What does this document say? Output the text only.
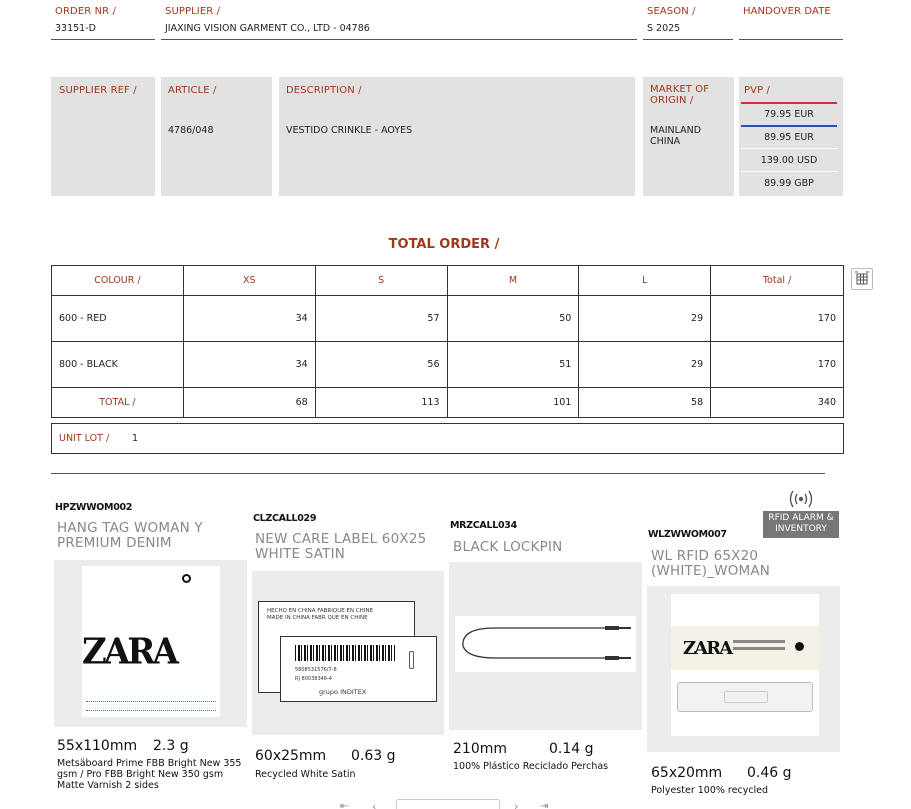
ORDER NR /
33151-D
SUPPLIER /
JIAXING VISION GARMENT CO., LTD - 04786
SEASON /
S 2025
HANDOVER DATE
SUPPLIER REF /	ARTICLE /
4786/048
DESCRIPTION /
VESTIDO CRINKLE - AOYES
MARKET OF
ORIGIN /
MAINLAND CHINA
PVP /
79.95 EUR
89.95 EUR
139.00 USD
89.99 GBP
TOTAL ORDER /
COLOUR /	XS	S	M	L	Total /
600 - RED	34	57	50	29	170
800 - BLACK	34	56	51	29	170
TOTAL /	68	113	101	58	340
UNIT LOT / 1
RFID ALARM &
INVENTORY
HPZWWOM002
HANG TAG WOMAN Y
PREMIUM DENIM
ZARA
55x110mm 2.3 g
Metsäboard Prime FBB Bright New 355
gsm / Pro FBB Bright New 350 gsm
Matte Varnish 2 sides
CLZCALL029
NEW CARE LABEL 60X25
WHITE SATIN
HECHO EN CHINA FABRIQUE EN CHINE
MADE IN CHINA FABR QUE EN CHINE
5808531576/7-8
RJ 80038346-4
grupo INDITEX
60x25mm 0.63 g
Recycled White Satin
MRZCALL034
BLACK LOCKPIN
210mm	0.14 g
100% Plástico Reciclado Perchas
WLZWWOM007
WL RFID 65X20
(WHITE)_WOMAN
ZARA
65x20mm 0.46 g
Polyester 100% recycled
⇤ ‹	› ⇥
